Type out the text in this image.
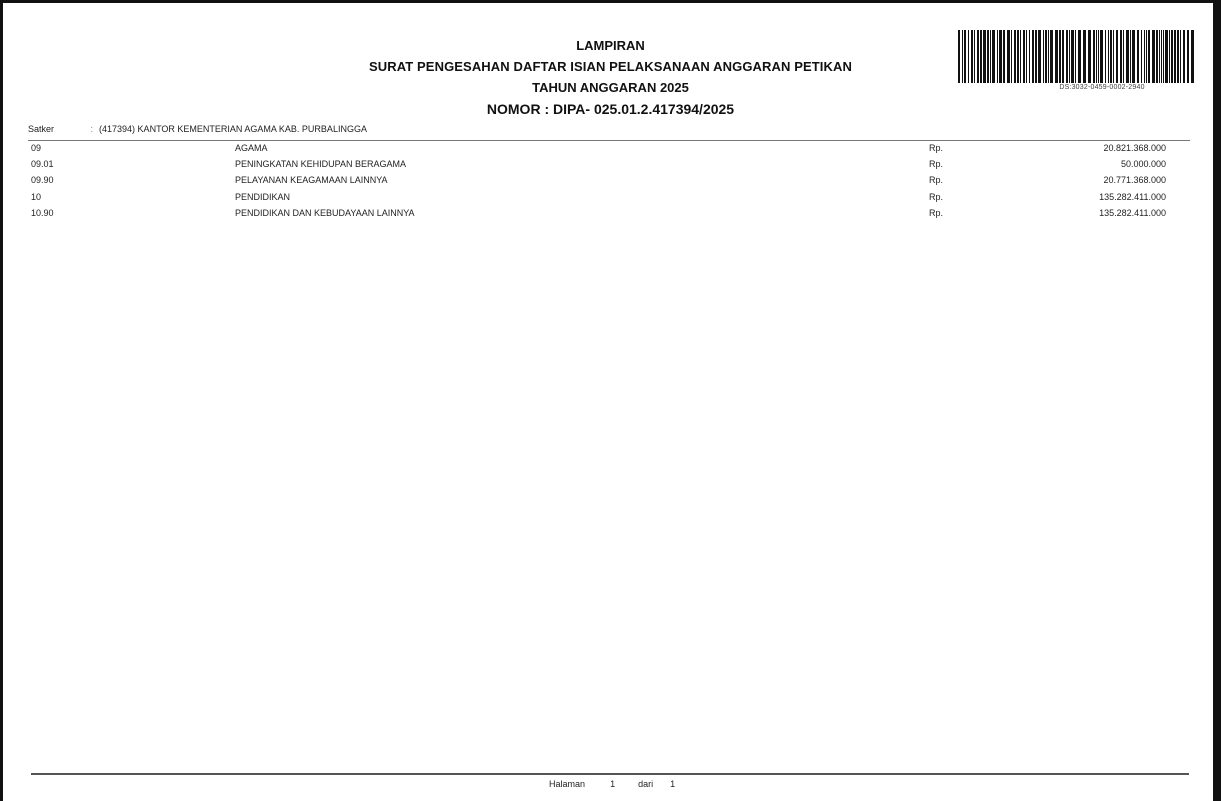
LAMPIRAN
SURAT PENGESAHAN DAFTAR ISIAN PELAKSANAAN ANGGARAN PETIKAN
TAHUN ANGGARAN 2025
NOMOR : DIPA- 025.01.2.417394/2025
DS:3032-0459-0002-2940
Satker	: (417394) KANTOR KEMENTERIAN AGAMA KAB. PURBALINGGA
09	AGAMA	Rp.	20.821.368.000
09.01	PENINGKATAN KEHIDUPAN BERAGAMA	Rp.	50.000.000
09.90	PELAYANAN KEAGAMAAN LAINNYA	Rp.	20.771.368.000
10	PENDIDIKAN	Rp.	135.282.411.000
10.90	PENDIDIKAN DAN KEBUDAYAAN LAINNYA	Rp.	135.282.411.000
Halaman	1	dari 1
